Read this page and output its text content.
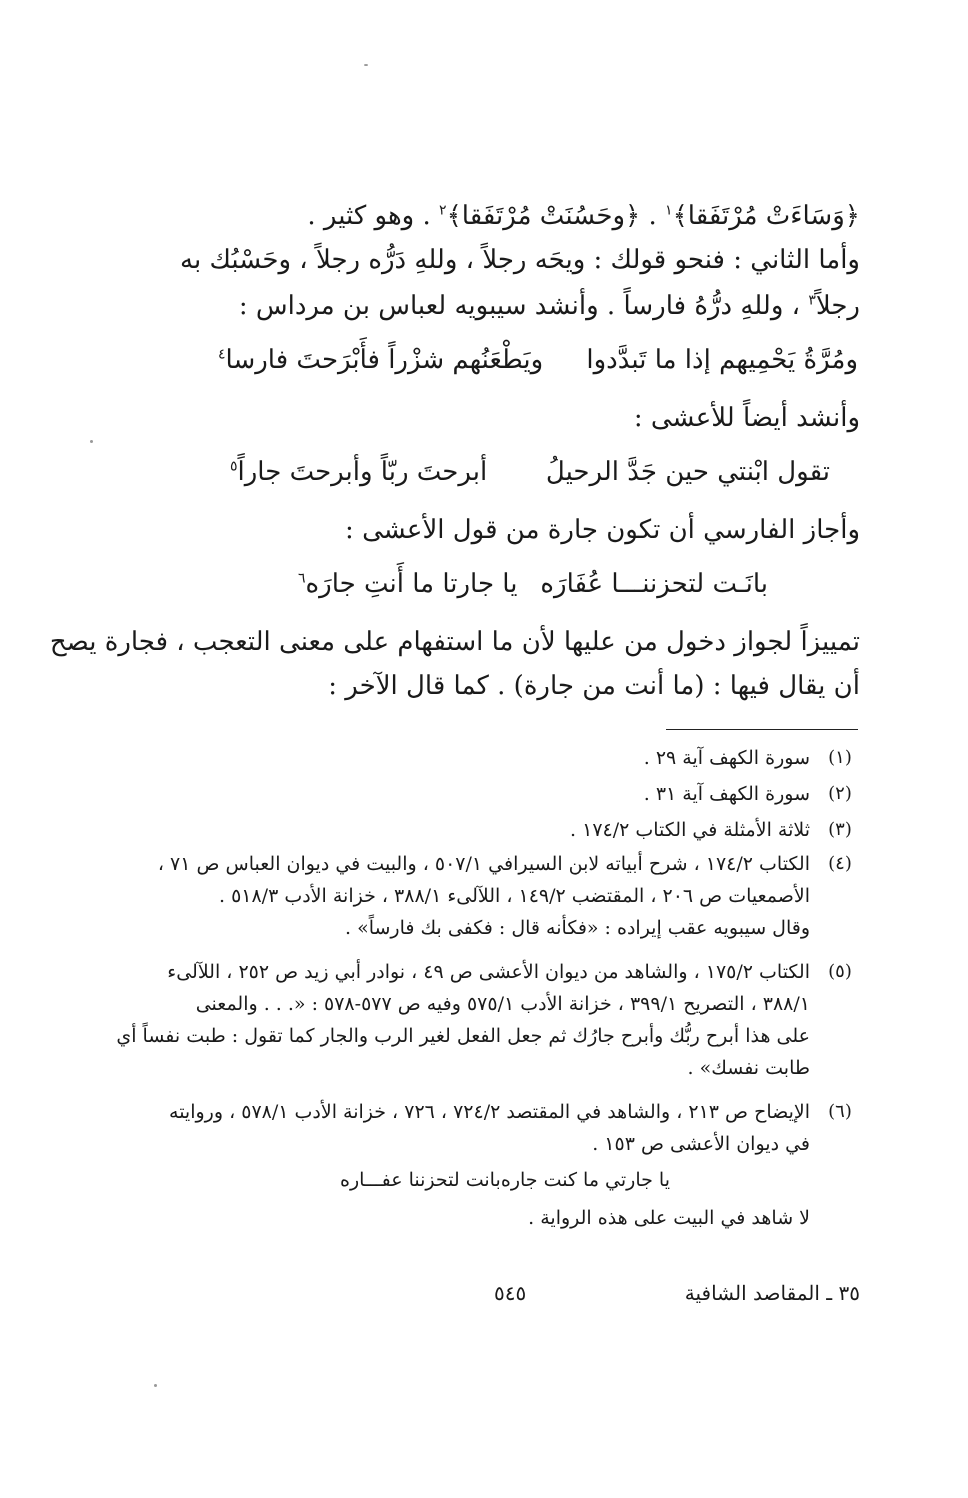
﴿وَسَاءَتْ مُرْتَفَقا﴾$^١$ . ﴿وحَسُنَتْ مُرْتَفَقا﴾$^٢$ . وهو كثير .
وأما الثاني : فنحو قولك : ويحَه رجلاً ، وللهِ دَرُّه رجلاً ، وحَسْبُك به
رجلاً$^٣$ ، وللهِ درُّهُ فارساً . وأنشد سيبويه لعباس بن مرداس :
ومُرَّةُ يَحْمِيهم إذا ما تَبدَّدوا
ويَطْعَنُهم شزْراً فأَبْرَحتَ فارسا$^٤$
وأنشد أيضاً للأعشى :
تقول ابْنتي حين جَدَّ الرحيلُ
أبرحتَ ربّاً وأبرحتَ جاراً$^٥$
وأجاز الفارسي أن تكون جارة من قول الأعشى :
بانَـت لتحزننـــا عُفَارَه
يا جارتا ما أَنتِ جارَه$^٦$
تمييزاً لجواز دخول من عليها لأن ما استفهام على معنى التعجب ، فجارة يصح
أن يقال فيها : (ما أنت من جارة) . كما قال الآخر :
(١)
سورة الكهف آية ٢٩ .
(٢)
سورة الكهف آية ٣١ .
(٣)
ثلاثة الأمثلة في الكتاب ١٧٤/٢ .
(٤)
الكتاب ١٧٤/٢ ، شرح أبياته لابن السيرافي ٥٠٧/١ ، والبيت في ديوان العباس ص ٧١ ،
الأصمعيات ص ٢٠٦ ، المقتضب ١٤٩/٢ ، اللآلىء ٣٨٨/١ ، خزانة الأدب ٥١٨/٣ .
وقال سيبويه عقب إيراده : «فكأنه قال : فكفى بك فارساً» .
(٥)
الكتاب ١٧٥/٢ ، والشاهد من ديوان الأعشى ص ٤٩ ، نوادر أبي زيد ص ٢٥٢ ، اللآلىء
٣٨٨/١ ، التصريح ٣٩٩/١ ، خزانة الأدب ٥٧٥/١ وفيه ص ٥٧٧-٥٧٨ : «. . . والمعنى
على هذا أبرح ربُّك وأبرح جارُك ثم جعل الفعل لغير الرب والجار كما تقول : طبت نفساً أي
طابت نفسك» .
(٦)
الإيضاح ص ٢١٣ ، والشاهد في المقتصد ٧٢٤/٢ ، ٧٢٦ ، خزانة الأدب ٥٧٨/١ ، وروايته
في ديوان الأعشى ص ١٥٣ .
يا جارتي ما كنت جاره
بانت لتحزننا عفـــاره
لا شاهد في البيت على هذه الرواية .
٥٤٥	٣٥ ـ المقاصد الشافية
